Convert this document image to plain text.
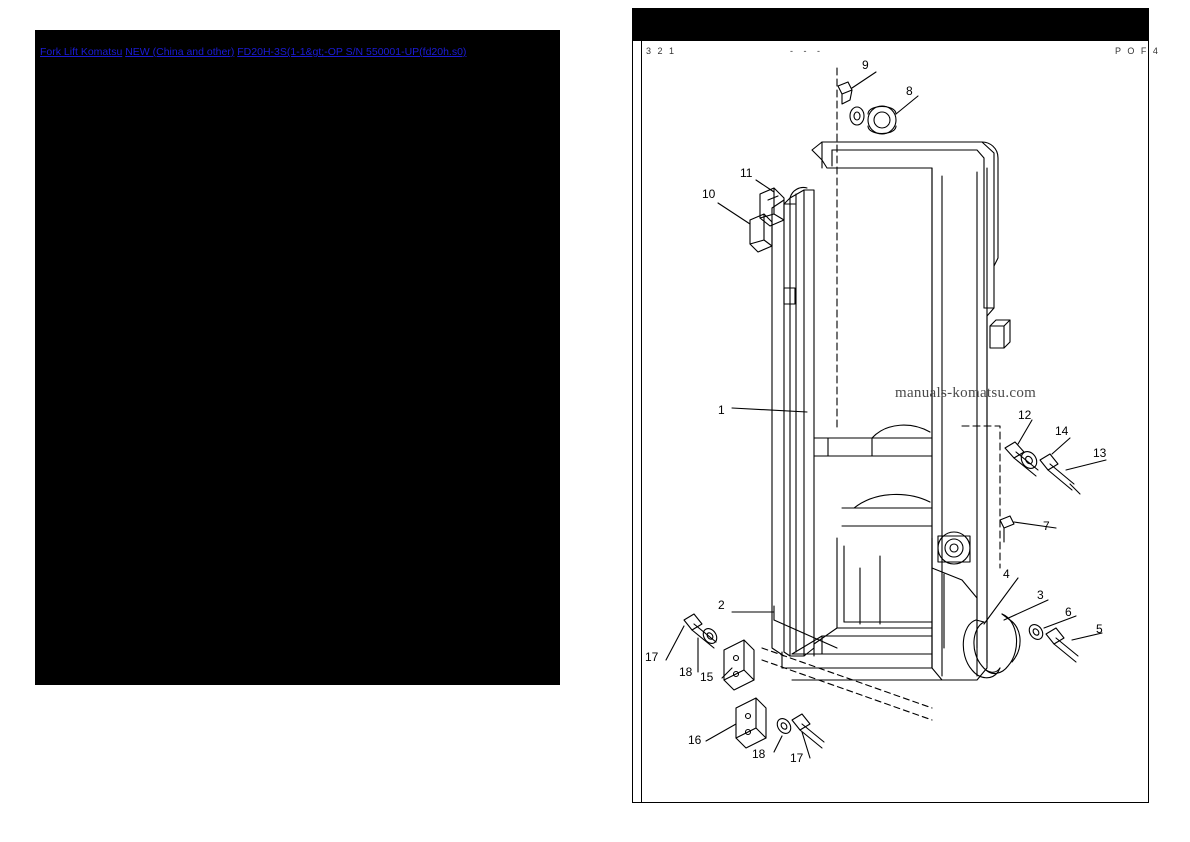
Fork Lift Komatsu NEW (China and other) FD20H-3S(1-1&gt;-OP S/N 550001-UP(fd20h.s0)	3 2 1	- - -	P O F 4
manuals-komatsu.com
1
2
3
4
5
6
7
8
9
10
11
12
13
14
15
16
17
18
17
18
